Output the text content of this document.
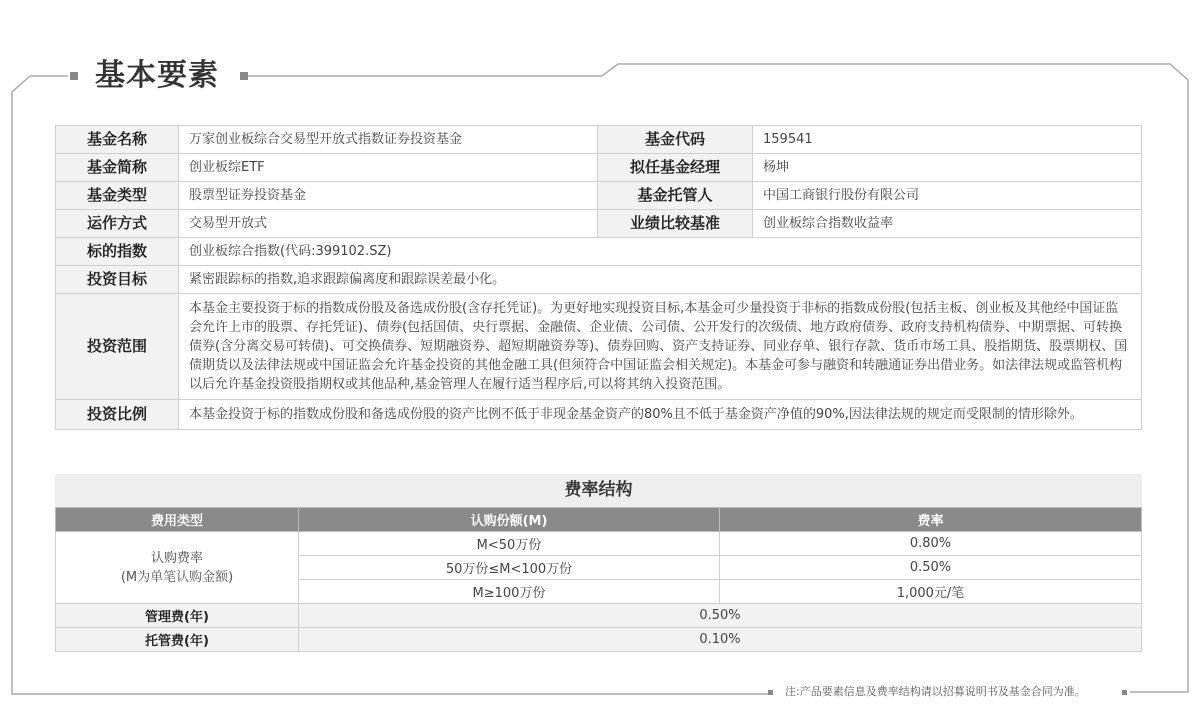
基本要素
基金名称	万家创业板综合交易型开放式指数证券投资基金	基金代码	159541
基金简称	创业板综ETF	拟任基金经理	杨坤
基金类型	股票型证券投资基金	基金托管人	中国工商银行股份有限公司
运作方式	交易型开放式	业绩比较基准	创业板综合指数收益率
标的指数	创业板综合指数(代码:399102.SZ)		
投资目标	紧密跟踪标的指数,追求跟踪偏离度和跟踪误差最小化。		
投资范围	本基金主要投资于标的指数成份股及备选成份股(含存托凭证)。为更好地实现投资目标,本基金可少量投资于非标的指数成份股(包括主板、创业板及其他经中国证监会允许上市的股票、存托凭证)、债券(包括国债、央行票据、金融债、企业债、公司债、公开发行的次级债、地方政府债券、政府支持机构债券、中期票据、可转换债券(含分离交易可转债)、可交换债券、短期融资券、超短期融资券等)、债券回购、资产支持证券、同业存单、银行存款、货币市场工具、股指期货、股票期权、国债期货以及法律法规或中国证监会允许基金投资的其他金融工具(但须符合中国证监会相关规定)。本基金可参与融资和转融通证券出借业务。如法律法规或监管机构以后允许基金投资股指期权或其他品种,基金管理人在履行适当程序后,可以将其纳入投资范围。		
投资比例	本基金投资于标的指数成份股和备选成份股的资产比例不低于非现金基金资产的80%且不低于基金资产净值的90%,因法律法规的规定而受限制的情形除外。		
费率结构
费用类型	认购份额(M)	费率
认购费率
(M为单笔认购金额)	M<50万份	0.80%
	50万份≤M<100万份	0.50%
	M≥100万份	1,000元/笔
管理费(年)	0.50%	
托管费(年)	0.10%	
注:产品要素信息及费率结构请以招募说明书及基金合同为准。
